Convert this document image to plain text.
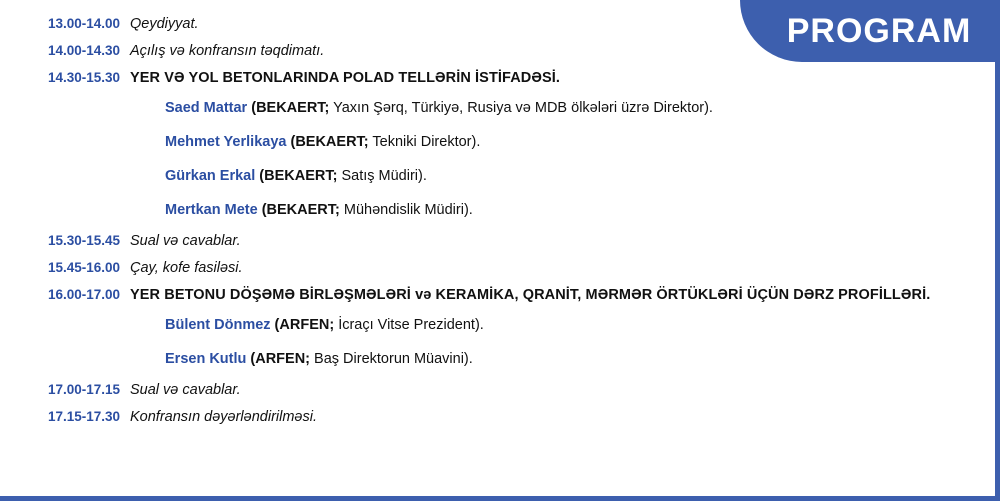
PROGRAM
13.00-14.00 Qeydiyyat.
14.00-14.30 Açılış və konfransın təqdimatı.
14.30-15.30 YER VƏ YOL BETONLARINDA POLAD TELLƏRİN İSTİFADƏSİ.
Saed Mattar (BEKAERT; Yaxın Şərq, Türkiyə, Rusiya və MDB ölkələri üzrə Direktor).
Mehmet Yerlikaya (BEKAERT; Tekniki Direktor).
Gürkan Erkal (BEKAERT; Satış Müdiri).
Mertkan Mete (BEKAERT; Mühəndislik Müdiri).
15.30-15.45 Sual və cavablar.
15.45-16.00 Çay, kofe fasiləsi.
16.00-17.00 YER BETONU DÖŞƏMƏ BİRLƏŞMƏLƏRİ və KERAMİKA, QRANİT, MƏRMƏR ÖRTÜKLƏRİ ÜÇÜN DƏRZ PROFİLLƏRİ.
Bülent Dönmez (ARFEN; İcraçı Vitse Prezident).
Ersen Kutlu (ARFEN; Baş Direktorun Müavini).
17.00-17.15 Sual və cavablar.
17.15-17.30 Konfransın dəyərləndirilməsi.
